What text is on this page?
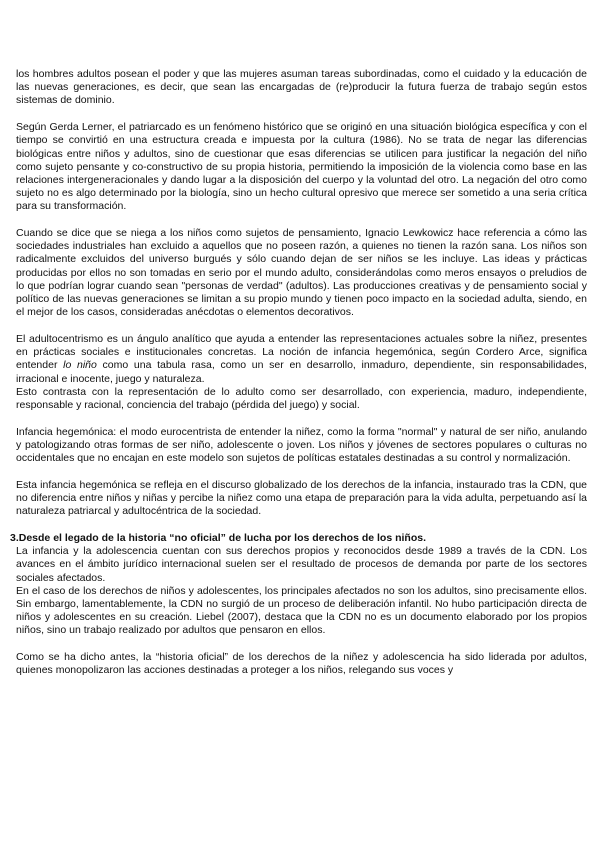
los hombres adultos posean el poder y que las mujeres asuman tareas subordinadas, como el cuidado y la educación de las nuevas generaciones, es decir, que sean las encargadas de (re)producir la futura fuerza de trabajo según estos sistemas de dominio.

Según Gerda Lerner, el patriarcado es un fenómeno histórico que se originó en una situación biológica específica y con el tiempo se convirtió en una estructura creada e impuesta por la cultura (1986). No se trata de negar las diferencias biológicas entre niños y adultos, sino de cuestionar que esas diferencias se utilicen para justificar la negación del niño como sujeto pensante y co-constructivo de su propia historia, permitiendo la imposición de la violencia como base en las relaciones intergeneracionales y dando lugar a la disposición del cuerpo y la voluntad del otro. La negación del otro como sujeto no es algo determinado por la biología, sino un hecho cultural opresivo que merece ser sometido a una seria crítica para su transformación.

Cuando se dice que se niega a los niños como sujetos de pensamiento, Ignacio Lewkowicz hace referencia a cómo las sociedades industriales han excluido a aquellos que no poseen razón, a quienes no tienen la razón sana. Los niños son radicalmente excluidos del universo burgués y sólo cuando dejan de ser niños se les incluye. Las ideas y prácticas producidas por ellos no son tomadas en serio por el mundo adulto, considerándolas como meros ensayos o preludios de lo que podrían lograr cuando sean "personas de verdad" (adultos). Las producciones creativas y de pensamiento social y político de las nuevas generaciones se limitan a su propio mundo y tienen poco impacto en la sociedad adulta, siendo, en el mejor de los casos, consideradas anécdotas o elementos decorativos.

El adultocentrismo es un ángulo analítico que ayuda a entender las representaciones actuales sobre la niñez, presentes en prácticas sociales e institucionales concretas. La noción de infancia hegemónica, según Cordero Arce, significa entender lo niño como una tabula rasa, como un ser en desarrollo, inmaduro, dependiente, sin responsabilidades, irracional e inocente, juego y naturaleza.

Esto contrasta con la representación de lo adulto como ser desarrollado, con experiencia, maduro, independiente, responsable y racional, conciencia del trabajo (pérdida del juego) y social.

Infancia hegemónica: el modo eurocentrista de entender la niñez, como la forma "normal" y natural de ser niño, anulando y patologizando otras formas de ser niño, adolescente o joven. Los niños y jóvenes de sectores populares o culturas no occidentales que no encajan en este modelo son sujetos de políticas estatales destinadas a su control y normalización.

Esta infancia hegemónica se refleja en el discurso globalizado de los derechos de la infancia, instaurado tras la CDN, que no diferencia entre niños y niñas y percibe la niñez como una etapa de preparación para la vida adulta, perpetuando así la naturaleza patriarcal y adultocéntrica de la sociedad.

3.Desde el legado de la historia “no oficial” de lucha por los derechos de los niños.

La infancia y la adolescencia cuentan con sus derechos propios y reconocidos desde 1989 a través de la CDN. Los avances en el ámbito jurídico internacional suelen ser el resultado de procesos de demanda por parte de los sectores sociales afectados.

En el caso de los derechos de niños y adolescentes, los principales afectados no son los adultos, sino precisamente ellos. Sin embargo, lamentablemente, la CDN no surgió de un proceso de deliberación infantil. No hubo participación directa de niños y adolescentes en su creación. Liebel (2007), destaca que la CDN no es un documento elaborado por los propios niños, sino un trabajo realizado por adultos que pensaron en ellos.

Como se ha dicho antes, la “historia oficial” de los derechos de la niñez y adolescencia ha sido liderada por adultos, quienes monopolizaron las acciones destinadas a proteger a los niños, relegando sus voces y
